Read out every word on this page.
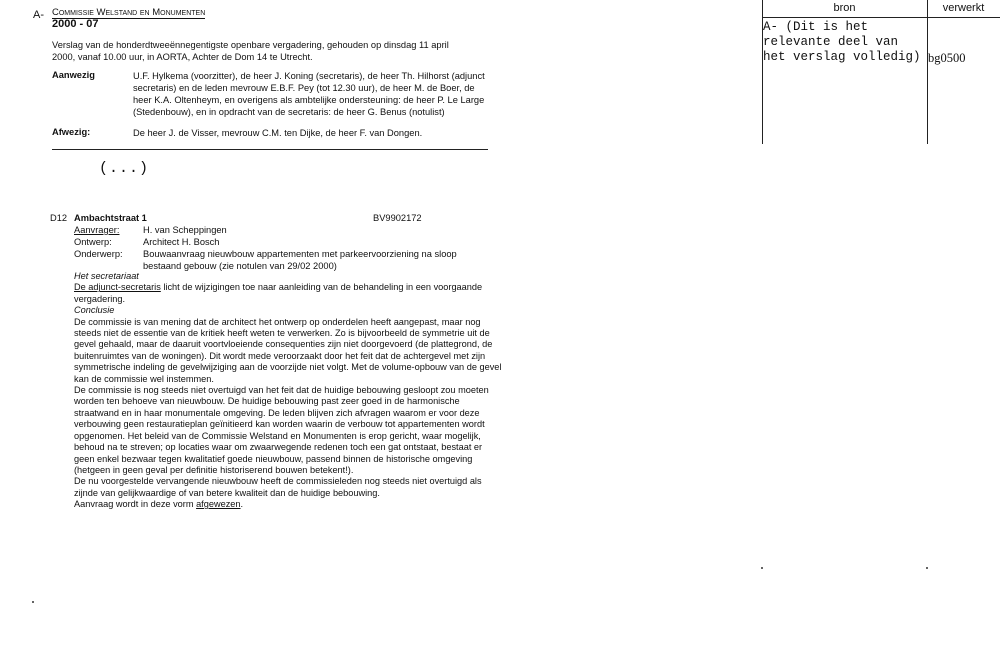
A- Commissie Welstand en Monumenten
2000 - 07
Verslag van de honderdtweeënnegentigste openbare vergadering, gehouden op dinsdag 11 april 2000, vanaf 10.00 uur, in AORTA, Achter de Dom 14 te Utrecht.
Aanwezig	U.F. Hylkema (voorzitter), de heer J. Koning (secretaris), de heer Th. Hilhorst (adjunct secretaris) en de leden mevrouw E.B.F. Pey (tot 12.30 uur), de heer M. de Boer, de heer K.A. Oltenheym, en overigens als ambtelijke ondersteuning: de heer P. Le Large (Stedenbouw), en in opdracht van de secretaris: de heer G. Benus (notulist)
Afwezig:	De heer J. de Visser, mevrouw C.M. ten Dijke, de heer F. van Dongen.
(...)
bron	verwerkt
A- (Dit is het relevante deel van het verslag volledig) bg0500
D12 Ambachtstraat 1	BV9902172
Aanvrager:	H. van Scheppingen
Ontwerp:	Architect H. Bosch
Onderwerp: Bouwaanvraag nieuwbouw appartementen met parkeervoorziening na sloop bestaand gebouw (zie notulen van 29/02 2000)

Het secretariaat

De adjunct-secretaris licht de wijzigingen toe naar aanleiding van de behandeling in een voorgaande vergadering.

Conclusie

De commissie is van mening dat de architect het ontwerp op onderdelen heeft aangepast, maar nog steeds niet de essentie van de kritiek heeft weten te verwerken. Zo is bijvoorbeeld de symmetrie uit de gevel gehaald, maar de daaruit voortvloeiende consequenties zijn niet doorgevoerd (de plattegrond, de buitenruimtes van de woningen). Dit wordt mede veroorzaakt door het feit dat de achtergevel met zijn symmetrische indeling de gevelwijziging aan de voorzijde niet volgt. Met de volume-opbouw van de gevel kan de commissie wel instemmen.

De commissie is nog steeds niet overtuigd van het feit dat de huidige bebouwing gesloopt zou moeten worden ten behoeve van nieuwbouw. De huidige bebouwing past zeer goed in de harmonische straatwand en in haar monumentale omgeving. De leden blijven zich afvragen waarom er voor deze verbouwing geen restauratieplan geïnitieerd kan worden waarin de verbouw tot appartementen wordt opgenomen. Het beleid van de Commissie Welstand en Monumenten is erop gericht, waar mogelijk, behoud na te streven; op locaties waar om zwaarwegende redenen toch een gat ontstaat, bestaat er geen enkel bezwaar tegen kwalitatief goede nieuwbouw, passend binnen de historische omgeving (hetgeen in geen geval per definitie historiserend bouwen betekent!).

De nu voorgestelde vervangende nieuwbouw heeft de commissieleden nog steeds niet overtuigd als zijnde van gelijkwaardige of van betere kwaliteit dan de huidige bebouwing.

Aanvraag wordt in deze vorm afgewezen.
